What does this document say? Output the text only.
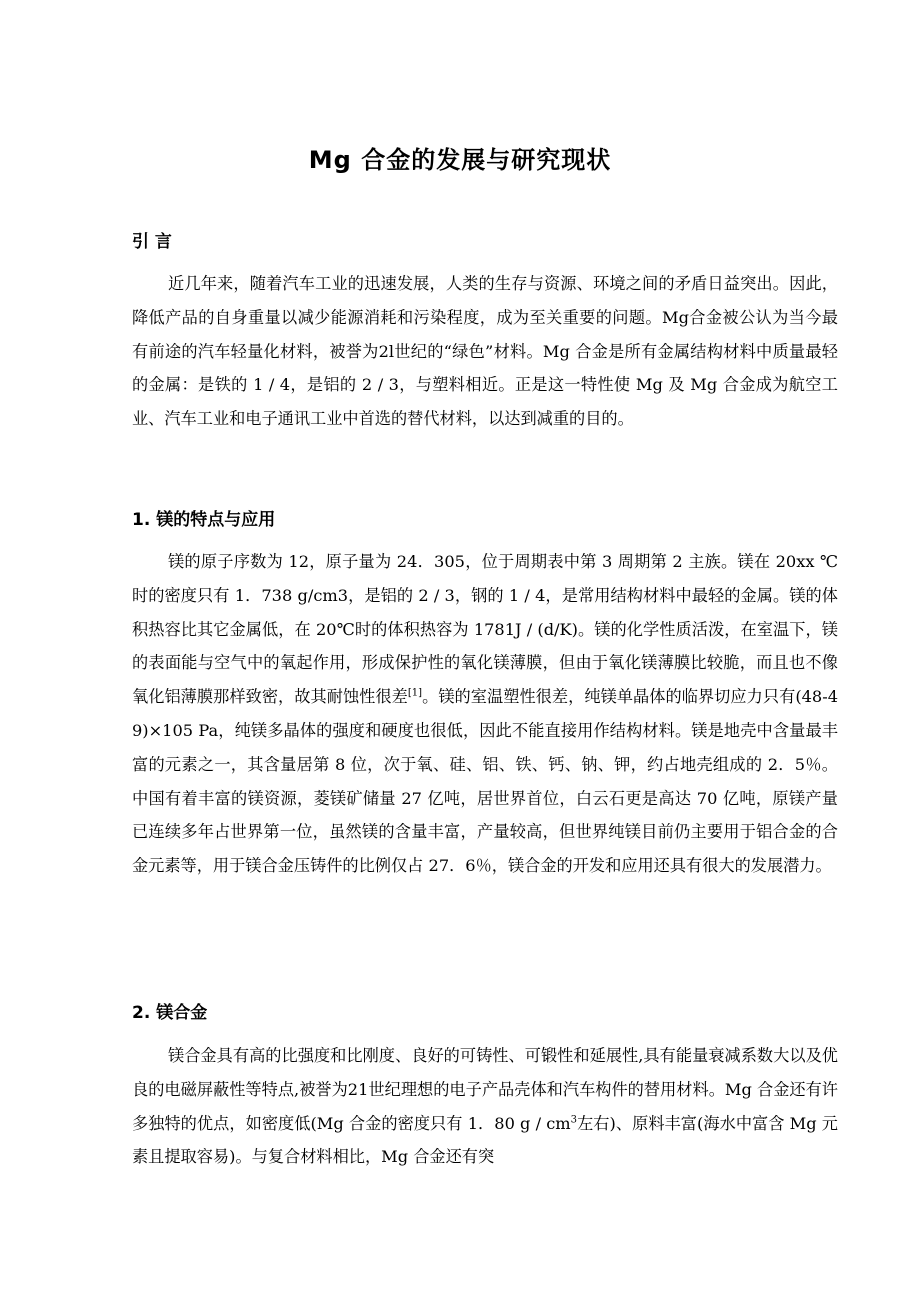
Mg 合金的发展与研究现状
引 言

近几年来，随着汽车工业的迅速发展，人类的生存与资源、环境之间的矛盾日益突出。因此，降低产品的自身重量以减少能源消耗和污染程度，成为至关重要的问题。Mg合金被公认为当今最有前途的汽车轻量化材料，被誉为2l世纪的“绿色”材料。Mg 合金是所有金属结构材料中质量最轻的金属：是铁的 1 / 4，是铝的 2 / 3，与塑料相近。正是这一特性使 Mg 及 Mg 合金成为航空工业、汽车工业和电子通讯工业中首选的替代材料，以达到减重的目的。

1. 镁的特点与应用

镁的原子序数为 12，原子量为 24．305，位于周期表中第 3 周期第 2 主族。镁在 20xx ℃时的密度只有 1．738 g/cm3，是铝的 2 / 3，钢的 1 / 4，是常用结构材料中最轻的金属。镁的体积热容比其它金属低，在 20℃时的体积热容为 1781J / (d/K)。镁的化学性质活泼，在室温下，镁的表面能与空气中的氧起作用，形成保护性的氧化镁薄膜，但由于氧化镁薄膜比较脆，而且也不像氧化铝薄膜那样致密，故其耐蚀性很差[1]。镁的室温塑性很差，纯镁单晶体的临界切应力只有(48-49)×105 Pa，纯镁多晶体的强度和硬度也很低，因此不能直接用作结构材料。镁是地壳中含量最丰富的元素之一，其含量居第 8 位，次于氧、硅、铝、铁、钙、钠、钾，约占地壳组成的 2．5％。中国有着丰富的镁资源，菱镁矿储量 27 亿吨，居世界首位，白云石更是高达 70 亿吨，原镁产量已连续多年占世界第一位，虽然镁的含量丰富，产量较高，但世界纯镁目前仍主要用于铝合金的合金元素等，用于镁合金压铸件的比例仅占 27．6％，镁合金的开发和应用还具有很大的发展潜力。

2. 镁合金

镁合金具有高的比强度和比刚度、良好的可铸性、可锻性和延展性,具有能量衰减系数大以及优良的电磁屏蔽性等特点,被誉为21世纪理想的电子产品壳体和汽车构件的替用材料。Mg 合金还有许多独特的优点，如密度低(Mg 合金的密度只有 1．80 g / $cm^3$左右)、原料丰富(海水中富含 Mg 元素且提取容易)。与复合材料相比，Mg 合金还有突
